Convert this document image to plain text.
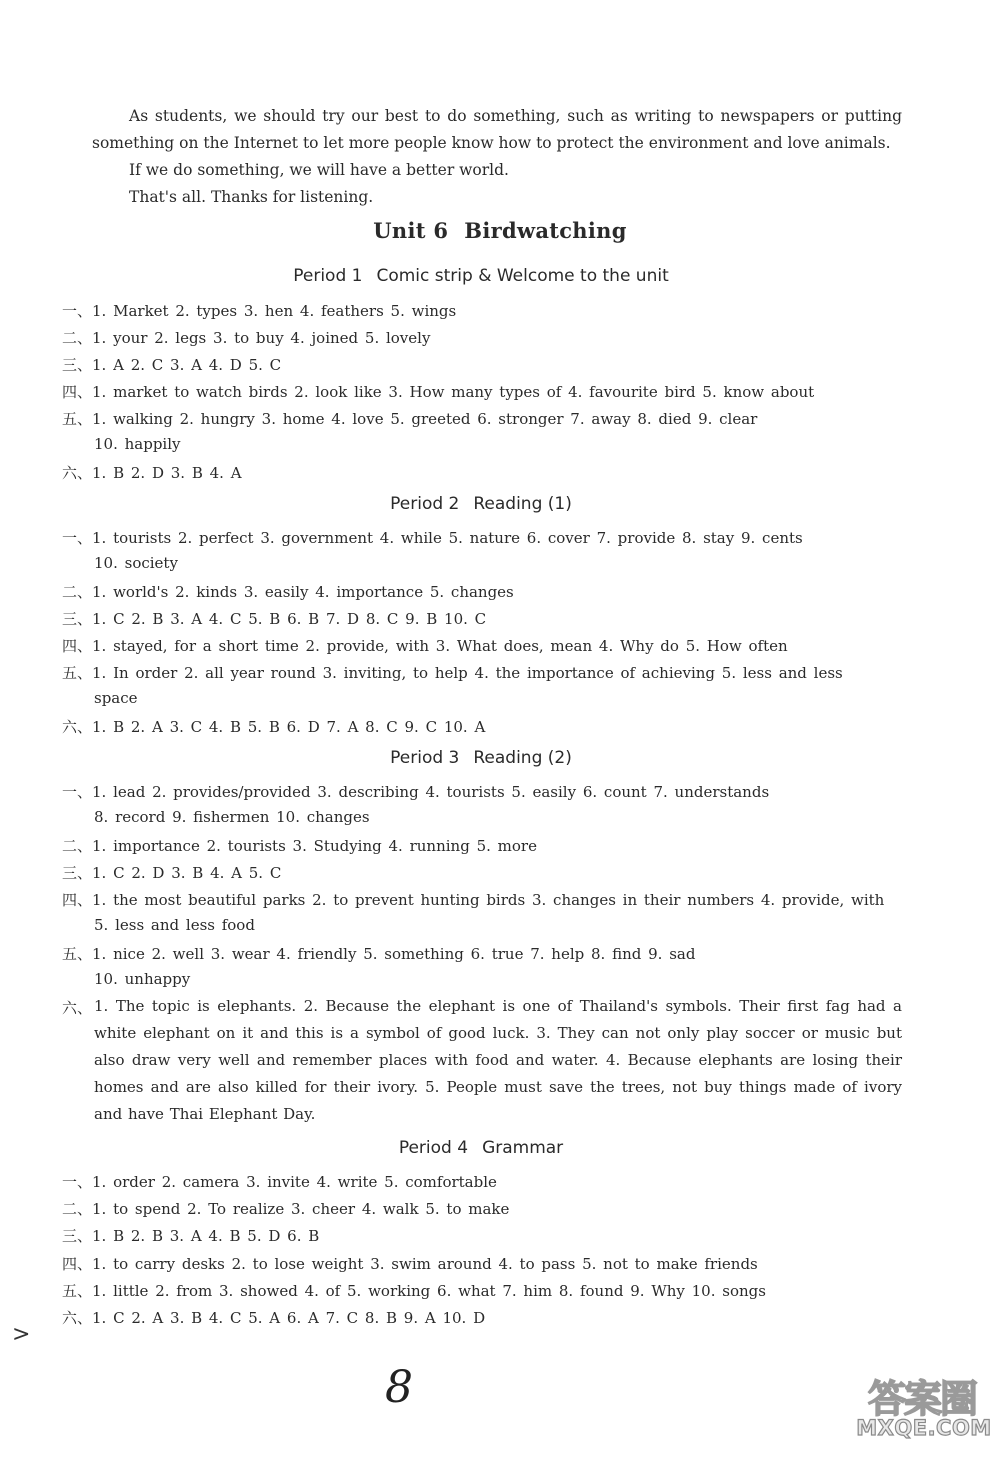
As students, we should try our best to do something, such as writing to newspapers or putting

something on the Internet to let more people know how to protect the environment and love animals.

If we do something, we will have a better world.

That's all. Thanks for listening.

Unit 6 Birdwatching
Period 1 Comic strip & Welcome to the unit
一、1. Market 2. types 3. hen 4. feathers 5. wings
二、1. your 2. legs 3. to buy 4. joined 5. lovely
三、1. A 2. C 3. A 4. D 5. C
四、1. market to watch birds 2. look like 3. How many types of 4. favourite bird 5. know about
五、1. walking 2. hungry 3. home 4. love 5. greeted 6. stronger 7. away 8. died 9. clear
10. happily
六、1. B 2. D 3. B 4. A
Period 2 Reading (1)
一、1. tourists 2. perfect 3. government 4. while 5. nature 6. cover 7. provide 8. stay 9. cents
10. society
二、1. world's 2. kinds 3. easily 4. importance 5. changes
三、1. C 2. B 3. A 4. C 5. B 6. B 7. D 8. C 9. B 10. C
四、1. stayed, for a short time 2. provide, with 3. What does, mean 4. Why do 5. How often
五、1. In order 2. all year round 3. inviting, to help 4. the importance of achieving 5. less and less
space
六、1. B 2. A 3. C 4. B 5. B 6. D 7. A 8. C 9. C 10. A
Period 3 Reading (2)
一、1. lead 2. provides/provided 3. describing 4. tourists 5. easily 6. count 7. understands
8. record 9. fishermen 10. changes
二、1. importance 2. tourists 3. Studying 4. running 5. more
三、1. C 2. D 3. B 4. A 5. C
四、1. the most beautiful parks 2. to prevent hunting birds 3. changes in their numbers 4. provide, with
5. less and less food
五、1. nice 2. well 3. wear 4. friendly 5. something 6. true 7. help 8. find 9. sad
10. unhappy
六、 1. The topic is elephants. 2. Because the elephant is one of Thailand's symbols. Their first fag had a white elephant on it and this is a symbol of good luck. 3. They can not only play soccer or music but also draw very well and remember places with food and water. 4. Because elephants are losing their homes and are also killed for their ivory. 5. People must save the trees, not buy things made of ivory and have Thai Elephant Day.
Period 4 Grammar
一、1. order 2. camera 3. invite 4. write 5. comfortable
二、1. to spend 2. To realize 3. cheer 4. walk 5. to make
三、1. B 2. B 3. A 4. B 5. D 6. B
四、1. to carry desks 2. to lose weight 3. swim around 4. to pass 5. not to make friends
五、1. little 2. from 3. showed 4. of 5. working 6. what 7. him 8. found 9. Why 10. songs
六、1. C 2. A 3. B 4. C 5. A 6. A 7. C 8. B 9. A 10. D
>
8	答案圈
MXQE.COM
